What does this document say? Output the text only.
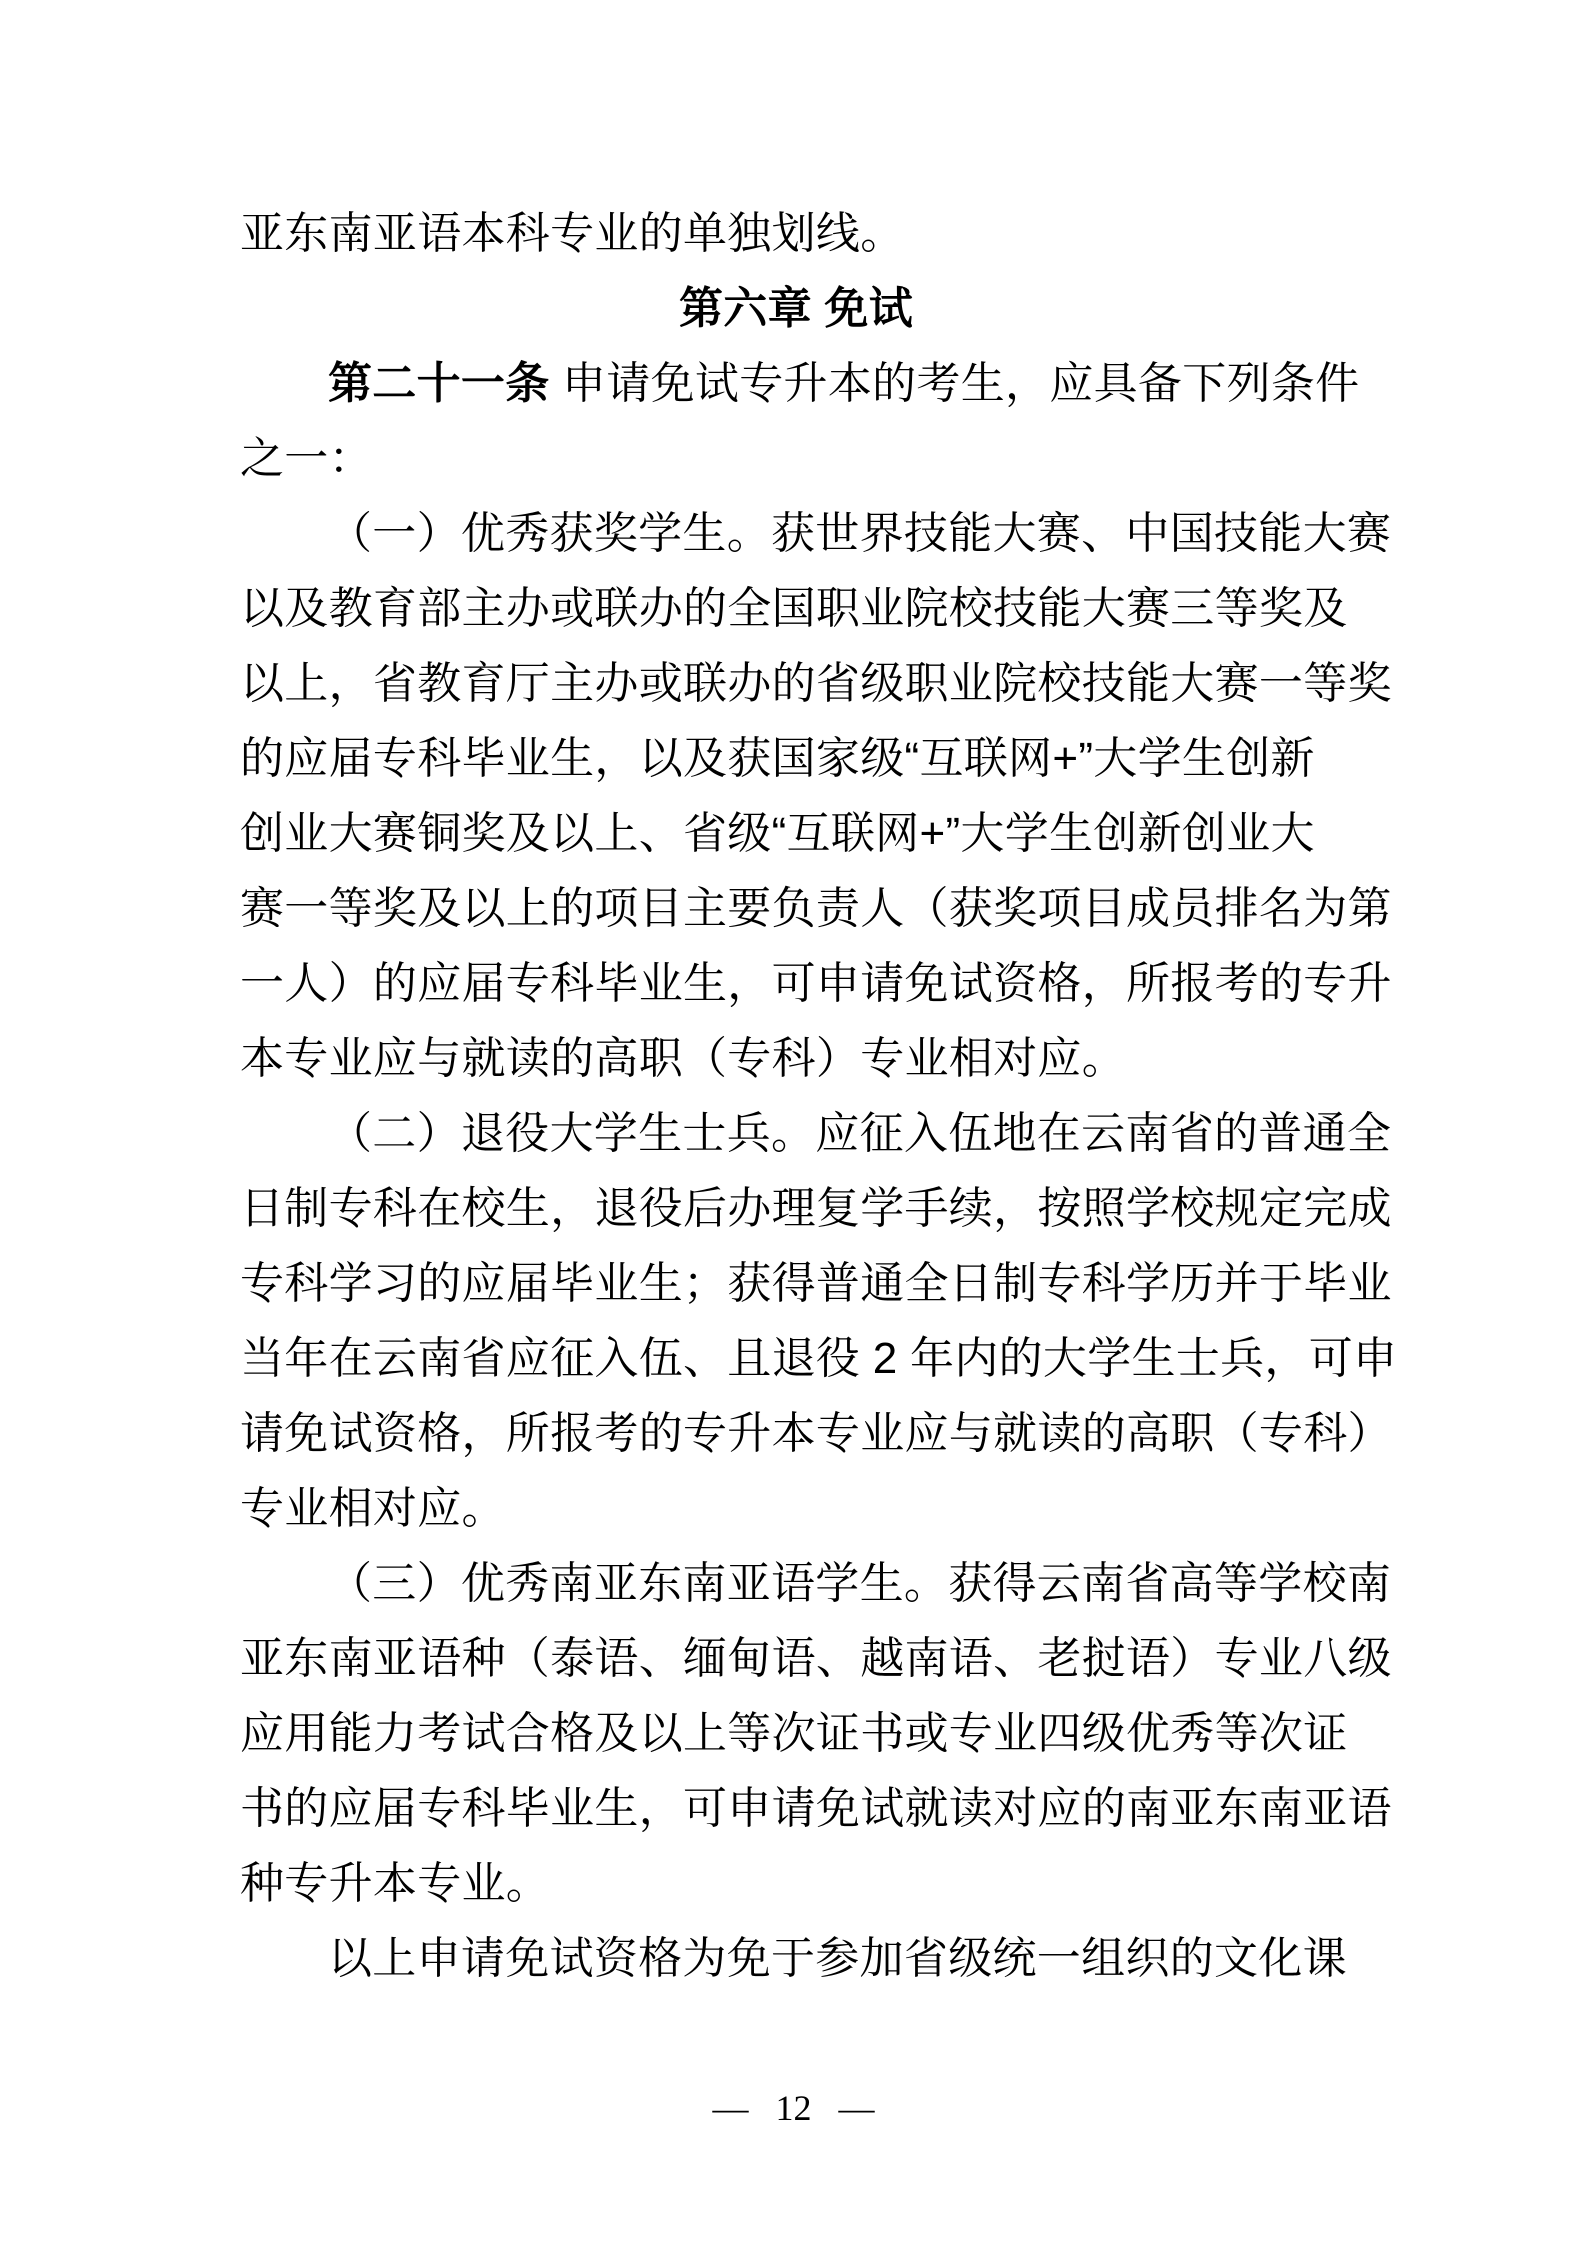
亚东南亚语本科专业的单独划线。
第六章 免试
第二十一条 申请免试专升本的考生，应具备下列条件
之一：
（一）优秀获奖学生。获世界技能大赛、中国技能大赛
以及教育部主办或联办的全国职业院校技能大赛三等奖及
以上，省教育厅主办或联办的省级职业院校技能大赛一等奖
的应届专科毕业生，以及获国家级“互联网+”大学生创新
创业大赛铜奖及以上、省级“互联网+”大学生创新创业大
赛一等奖及以上的项目主要负责人（获奖项目成员排名为第
一人）的应届专科毕业生，可申请免试资格，所报考的专升
本专业应与就读的高职（专科）专业相对应。
（二）退役大学生士兵。应征入伍地在云南省的普通全
日制专科在校生，退役后办理复学手续，按照学校规定完成
专科学习的应届毕业生；获得普通全日制专科学历并于毕业
当年在云南省应征入伍、且退役 2 年内的大学生士兵，可申
请免试资格，所报考的专升本专业应与就读的高职（专科）
专业相对应。
（三）优秀南亚东南亚语学生。获得云南省高等学校南
亚东南亚语种（泰语、缅甸语、越南语、老挝语）专业八级
应用能力考试合格及以上等次证书或专业四级优秀等次证
书的应届专科毕业生，可申请免试就读对应的南亚东南亚语
种专升本专业。
以上申请免试资格为免于参加省级统一组织的文化课
— 12 —
